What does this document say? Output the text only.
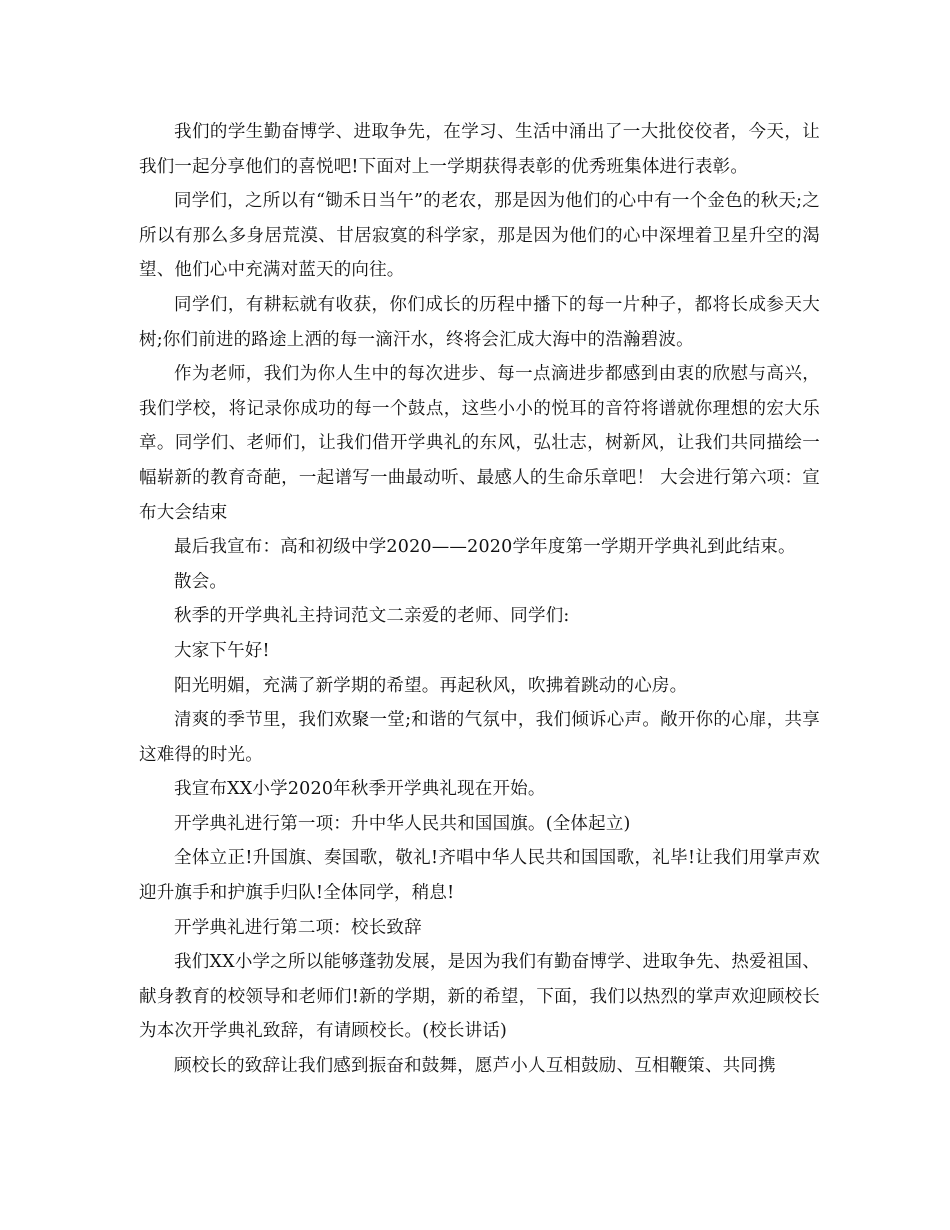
我们的学生勤奋博学、进取争先，在学习、生活中涌出了一大批佼佼者，今天，让我们一起分享他们的喜悦吧!下面对上一学期获得表彰的优秀班集体进行表彰。

同学们，之所以有“锄禾日当午”的老农，那是因为他们的心中有一个金色的秋天;之所以有那么多身居荒漠、甘居寂寞的科学家，那是因为他们的心中深埋着卫星升空的渴望、他们心中充满对蓝天的向往。

同学们，有耕耘就有收获，你们成长的历程中播下的每一片种子，都将长成参天大树;你们前进的路途上洒的每一滴汗水，终将会汇成大海中的浩瀚碧波。

作为老师，我们为你人生中的每次进步、每一点滴进步都感到由衷的欣慰与高兴，我们学校，将记录你成功的每一个鼓点，这些小小的悦耳的音符将谱就你理想的宏大乐章。同学们、老师们，让我们借开学典礼的东风，弘壮志，树新风，让我们共同描绘一幅崭新的教育奇葩，一起谱写一曲最动听、最感人的生命乐章吧！ 大会进行第六项：宣布大会结束

最后我宣布：高和初级中学2020——2020学年度第一学期开学典礼到此结束。

散会。

秋季的开学典礼主持词范文二亲爱的老师、同学们:

大家下午好!

阳光明媚，充满了新学期的希望。再起秋风，吹拂着跳动的心房。

清爽的季节里，我们欢聚一堂;和谐的气氛中，我们倾诉心声。敞开你的心扉，共享这难得的时光。

我宣布XX小学2020年秋季开学典礼现在开始。

开学典礼进行第一项：升中华人民共和国国旗。(全体起立)

全体立正!升国旗、奏国歌，敬礼!齐唱中华人民共和国国歌，礼毕!让我们用掌声欢迎升旗手和护旗手归队!全体同学，稍息!

开学典礼进行第二项：校长致辞

我们XX小学之所以能够蓬勃发展，是因为我们有勤奋博学、进取争先、热爱祖国、献身教育的校领导和老师们!新的学期，新的希望，下面，我们以热烈的掌声欢迎顾校长为本次开学典礼致辞，有请顾校长。(校长讲话)

顾校长的致辞让我们感到振奋和鼓舞，愿芦小人互相鼓励、互相鞭策、共同携
